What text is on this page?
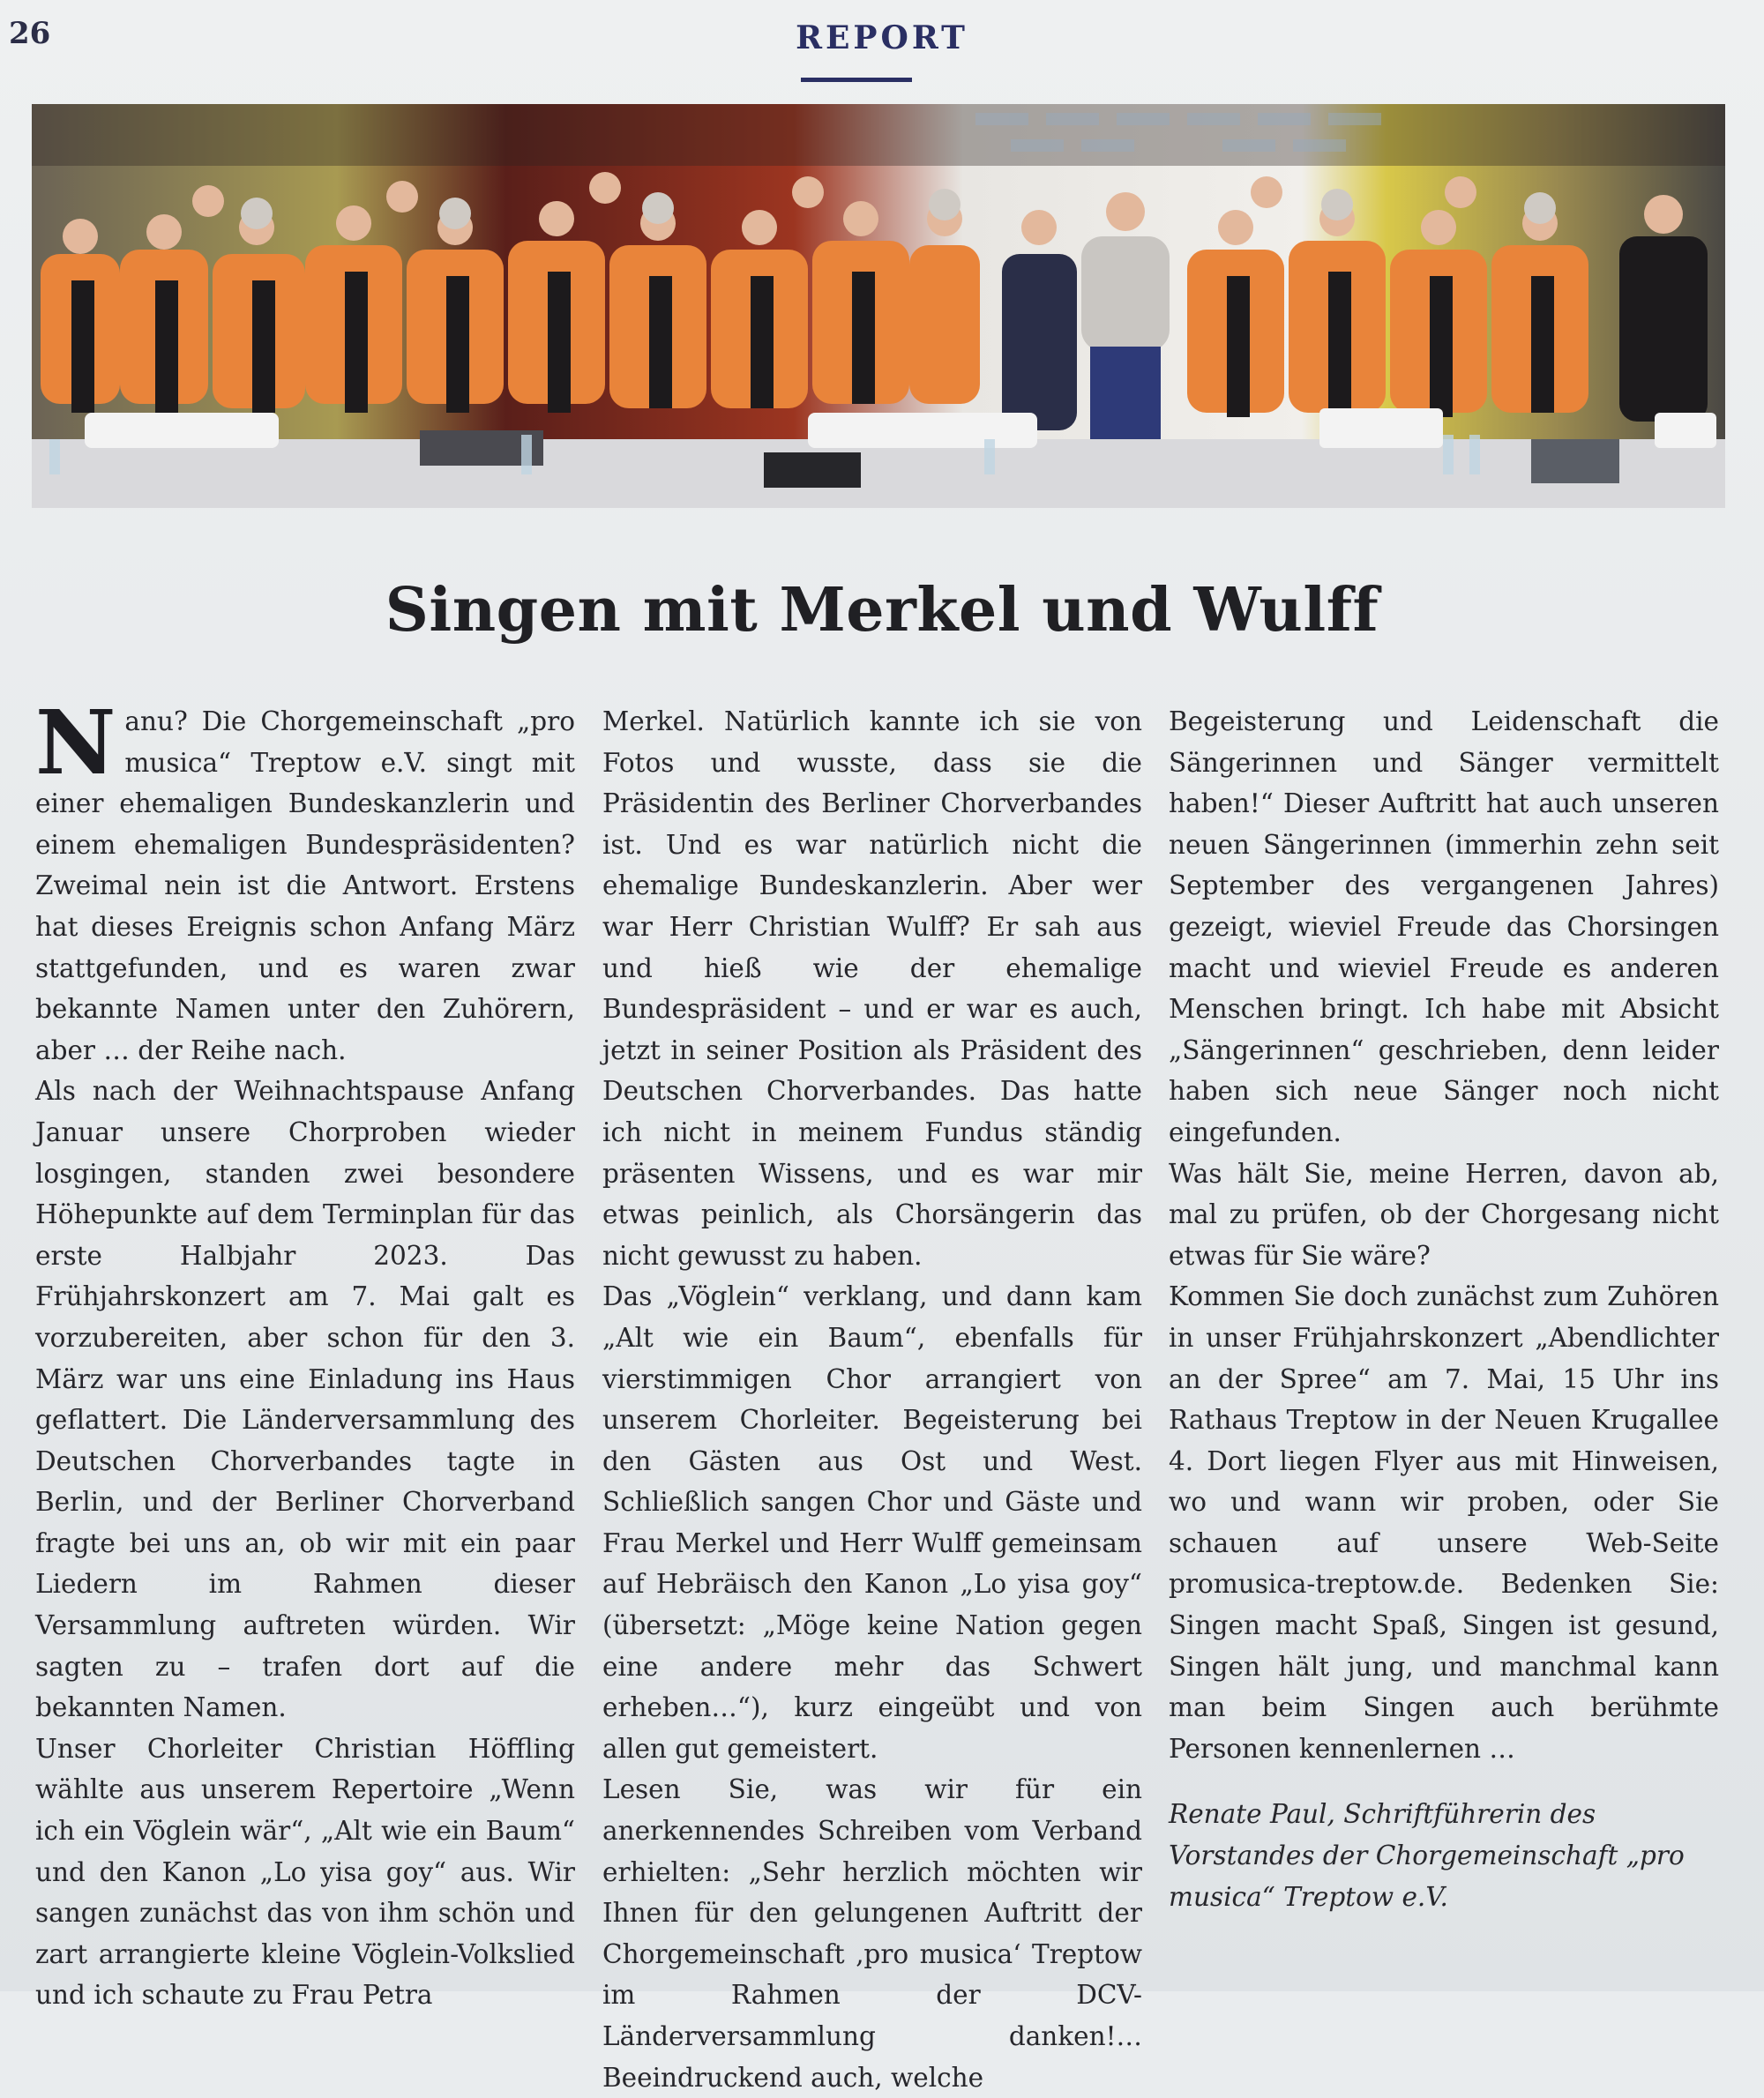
26	REPORT
Singen mit Merkel und Wulff

Nanu? Die Chorgemeinschaft „pro musica“ Treptow e.V. singt mit einer ehemaligen Bundeskanzlerin und einem ehemaligen Bundespräsidenten? Zweimal nein ist die Antwort. Erstens hat dieses Ereignis schon Anfang März stattgefunden, und es waren zwar bekannte Namen unter den Zuhörern, aber … der Reihe nach.

Als nach der Weihnachtspause Anfang Januar unsere Chorproben wieder losgingen, standen zwei besondere Höhepunkte auf dem Terminplan für das erste Halbjahr 2023. Das Frühjahrskonzert am 7. Mai galt es vorzubereiten, aber schon für den 3. März war uns eine Einladung ins Haus geflattert. Die Länderversammlung des Deutschen Chorverbandes tagte in Berlin, und der Berliner Chorverband fragte bei uns an, ob wir mit ein paar Liedern im Rahmen dieser Versammlung auftreten würden. Wir sagten zu – trafen dort auf die bekannten Namen.

Unser Chorleiter Christian Höffling wählte aus unserem Repertoire „Wenn ich ein Vöglein wär“, „Alt wie ein Baum“ und den Kanon „Lo yisa goy“ aus. Wir sangen zunächst das von ihm schön und zart arrangierte kleine Vöglein-Volkslied und ich schaute zu Frau Petra

Merkel. Natürlich kannte ich sie von Fotos und wusste, dass sie die Präsidentin des Berliner Chorverbandes ist. Und es war natürlich nicht die ehemalige Bundeskanzlerin. Aber wer war Herr Christian Wulff? Er sah aus und hieß wie der ehemalige Bundespräsident – und er war es auch, jetzt in seiner Position als Präsident des Deutschen Chorverbandes. Das hatte ich nicht in meinem Fundus ständig präsenten Wissens, und es war mir etwas peinlich, als Chorsängerin das nicht gewusst zu haben.

Das „Vöglein“ verklang, und dann kam „Alt wie ein Baum“, ebenfalls für vierstimmigen Chor arrangiert von unserem Chorleiter. Begeisterung bei den Gästen aus Ost und West. Schließlich sangen Chor und Gäste und Frau Merkel und Herr Wulff gemeinsam auf Hebräisch den Kanon „Lo yisa goy“ (übersetzt: „Möge keine Nation gegen eine andere mehr das Schwert erheben…“), kurz eingeübt und von allen gut gemeistert.

Lesen Sie, was wir für ein anerkennendes Schreiben vom Verband erhielten: „Sehr herzlich möchten wir Ihnen für den gelungenen Auftritt der Chorgemeinschaft ‚pro musica‘ Treptow im Rahmen der DCV-Länderversammlung danken!… Beeindruckend auch, welche

Begeisterung und Leidenschaft die Sängerinnen und Sänger vermittelt haben!“ Dieser Auftritt hat auch unseren neuen Sängerinnen (immerhin zehn seit September des vergangenen Jahres) gezeigt, wieviel Freude das Chorsingen macht und wieviel Freude es anderen Menschen bringt. Ich habe mit Absicht „Sängerinnen“ geschrieben, denn leider haben sich neue Sänger noch nicht eingefunden.

Was hält Sie, meine Herren, davon ab, mal zu prüfen, ob der Chorgesang nicht etwas für Sie wäre?

Kommen Sie doch zunächst zum Zuhören in unser Frühjahrskonzert „Abendlichter an der Spree“ am 7. Mai, 15 Uhr ins Rathaus Treptow in der Neuen Krugallee 4. Dort liegen Flyer aus mit Hinweisen, wo und wann wir proben, oder Sie schauen auf unsere Web-Seite promusica-treptow.de. Bedenken Sie: Singen macht Spaß, Singen ist gesund, Singen hält jung, und manchmal kann man beim Singen auch berühmte Personen kennenlernen …

Renate Paul, Schriftführerin des Vorstandes der Chorgemeinschaft „pro musica“ Treptow e.V.
